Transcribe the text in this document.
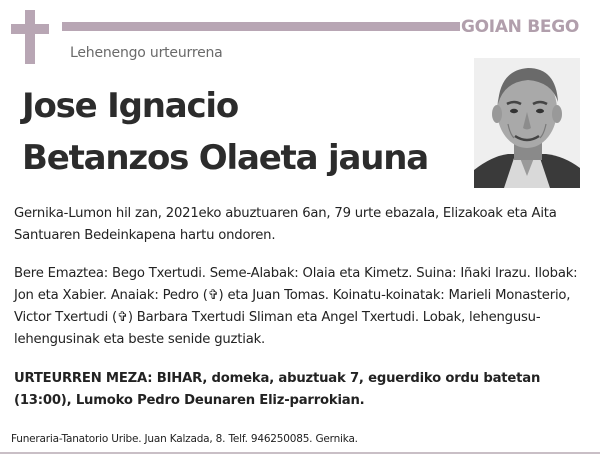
GOIAN BEGO
Lehenengo urteurrena
Jose Ignacio
Betanzos Olaeta jauna
Gernika-Lumon hil zan, 2021eko abuztuaren 6an, 79 urte ebazala, Elizakoak eta Aita Santuaren Bedeinkapena hartu ondoren.
Bere Emaztea: Bego Txertudi. Seme-Alabak: Olaia eta Kimetz. Suina: Iñaki Irazu. Ilobak: Jon eta Xabier. Anaiak: Pedro (✞) eta Juan Tomas. Koinatu-koinatak: Marieli Monasterio, Victor Txertudi (✞) Barbara Txertudi Sliman eta Angel Txertudi. Lobak, lehengusu-lehengusinak eta beste senide guztiak.
URTEURREN MEZA: BIHAR, domeka, abuztuak 7, eguerdiko ordu batetan (13:00), Lumoko Pedro Deunaren Eliz-parrokian.
Funeraria-Tanatorio Uribe. Juan Kalzada, 8. Telf. 946250085. Gernika.
